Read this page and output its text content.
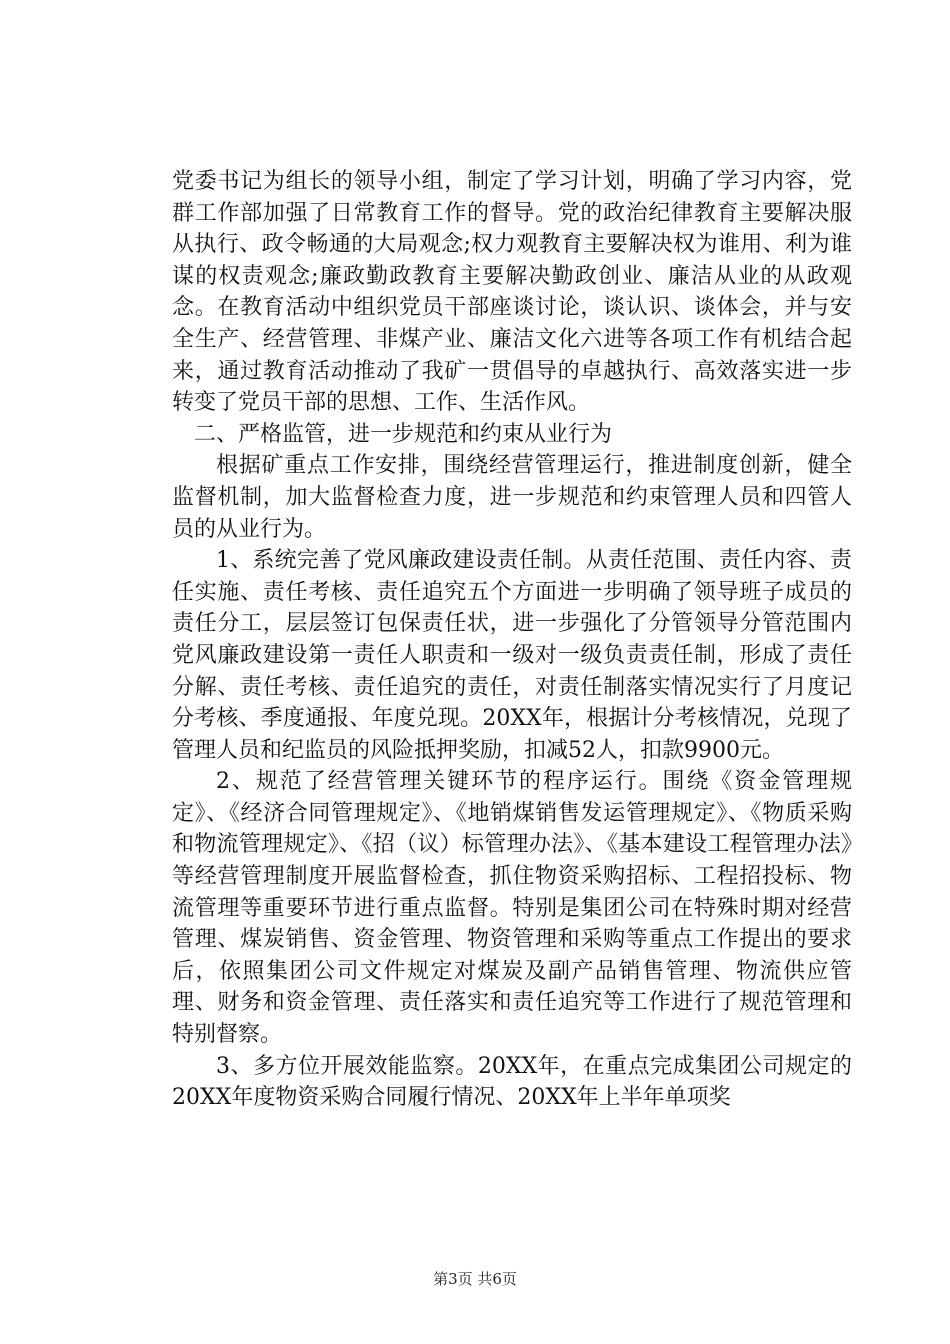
党委书记为组长的领导小组，制定了学习计划，明确了学习内容，党群工作部加强了日常教育工作的督导。党的政治纪律教育主要解决服从执行、政令畅通的大局观念;权力观教育主要解决权为谁用、利为谁谋的权责观念;廉政勤政教育主要解决勤政创业、廉洁从业的从政观念。在教育活动中组织党员干部座谈讨论，谈认识、谈体会，并与安全生产、经营管理、非煤产业、廉洁文化六进等各项工作有机结合起来，通过教育活动推动了我矿一贯倡导的卓越执行、高效落实进一步转变了党员干部的思想、工作、生活作风。

二、严格监管，进一步规范和约束从业行为

根据矿重点工作安排，围绕经营管理运行，推进制度创新，健全监督机制，加大监督检查力度，进一步规范和约束管理人员和四管人员的从业行为。

1、系统完善了党风廉政建设责任制。从责任范围、责任内容、责任实施、责任考核、责任追究五个方面进一步明确了领导班子成员的责任分工，层层签订包保责任状，进一步强化了分管领导分管范围内党风廉政建设第一责任人职责和一级对一级负责责任制，形成了责任分解、责任考核、责任追究的责任，对责任制落实情况实行了月度记分考核、季度通报、年度兑现。20XX年，根据计分考核情况，兑现了管理人员和纪监员的风险抵押奖励，扣减52人，扣款9900元。

2、规范了经营管理关键环节的程序运行。围绕《资金管理规定》、《经济合同管理规定》、《地销煤销售发运管理规定》、《物质采购和物流管理规定》、《招（议）标管理办法》、《基本建设工程管理办法》等经营管理制度开展监督检查，抓住物资采购招标、工程招投标、物流管理等重要环节进行重点监督。特别是集团公司在特殊时期对经营管理、煤炭销售、资金管理、物资管理和采购等重点工作提出的要求后，依照集团公司文件规定对煤炭及副产品销售管理、物流供应管理、财务和资金管理、责任落实和责任追究等工作进行了规范管理和特别督察。

3、多方位开展效能监察。20XX年，在重点完成集团公司规定的20XX年度物资采购合同履行情况、20XX年上半年单项奖

第3页 共6页
